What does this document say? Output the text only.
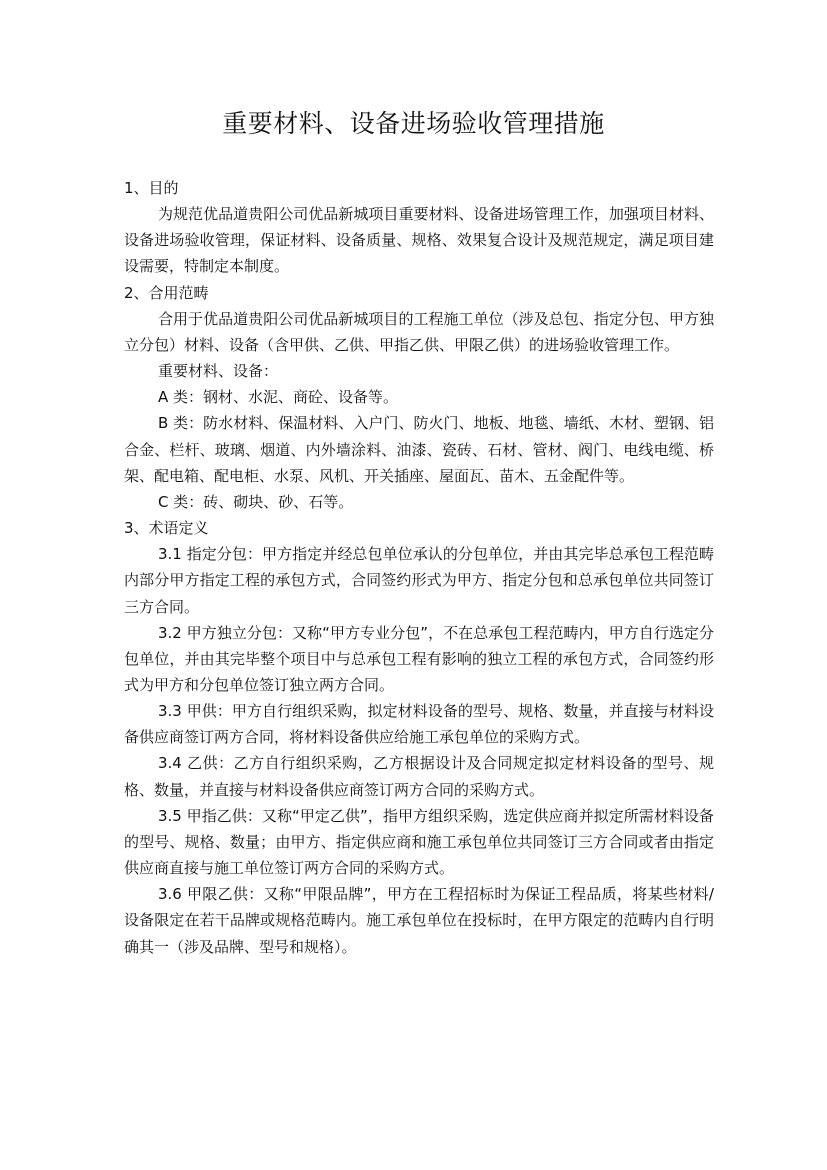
重要材料、设备进场验收管理措施

1、目的

为规范优品道贵阳公司优品新城项目重要材料、设备进场管理工作，加强项目材料、设备进场验收管理，保证材料、设备质量、规格、效果复合设计及规范规定，满足项目建设需要，特制定本制度。

2、合用范畴

合用于优品道贵阳公司优品新城项目的工程施工单位（涉及总包、指定分包、甲方独立分包）材料、设备（含甲供、乙供、甲指乙供、甲限乙供）的进场验收管理工作。

重要材料、设备：

A 类：钢材、水泥、商砼、设备等。

B 类：防水材料、保温材料、入户门、防火门、地板、地毯、墙纸、木材、塑钢、铝合金、栏杆、玻璃、烟道、内外墙涂料、油漆、瓷砖、石材、管材、阀门、电线电缆、桥架、配电箱、配电柜、水泵、风机、开关插座、屋面瓦、苗木、五金配件等。

C 类：砖、砌块、砂、石等。

3、术语定义

3.1 指定分包：甲方指定并经总包单位承认的分包单位，并由其完毕总承包工程范畴内部分甲方指定工程的承包方式，合同签约形式为甲方、指定分包和总承包单位共同签订三方合同。

3.2 甲方独立分包：又称“甲方专业分包”，不在总承包工程范畴内，甲方自行选定分包单位，并由其完毕整个项目中与总承包工程有影响的独立工程的承包方式，合同签约形式为甲方和分包单位签订独立两方合同。

3.3 甲供：甲方自行组织采购，拟定材料设备的型号、规格、数量，并直接与材料设备供应商签订两方合同，将材料设备供应给施工承包单位的采购方式。

3.4 乙供：乙方自行组织采购，乙方根据设计及合同规定拟定材料设备的型号、规格、数量，并直接与材料设备供应商签订两方合同的采购方式。

3.5 甲指乙供：又称“甲定乙供”，指甲方组织采购，选定供应商并拟定所需材料设备的型号、规格、数量；由甲方、指定供应商和施工承包单位共同签订三方合同或者由指定供应商直接与施工单位签订两方合同的采购方式。

3.6 甲限乙供：又称“甲限品牌”，甲方在工程招标时为保证工程品质，将某些材料/设备限定在若干品牌或规格范畴内。施工承包单位在投标时，在甲方限定的范畴内自行明确其一（涉及品牌、型号和规格）。
